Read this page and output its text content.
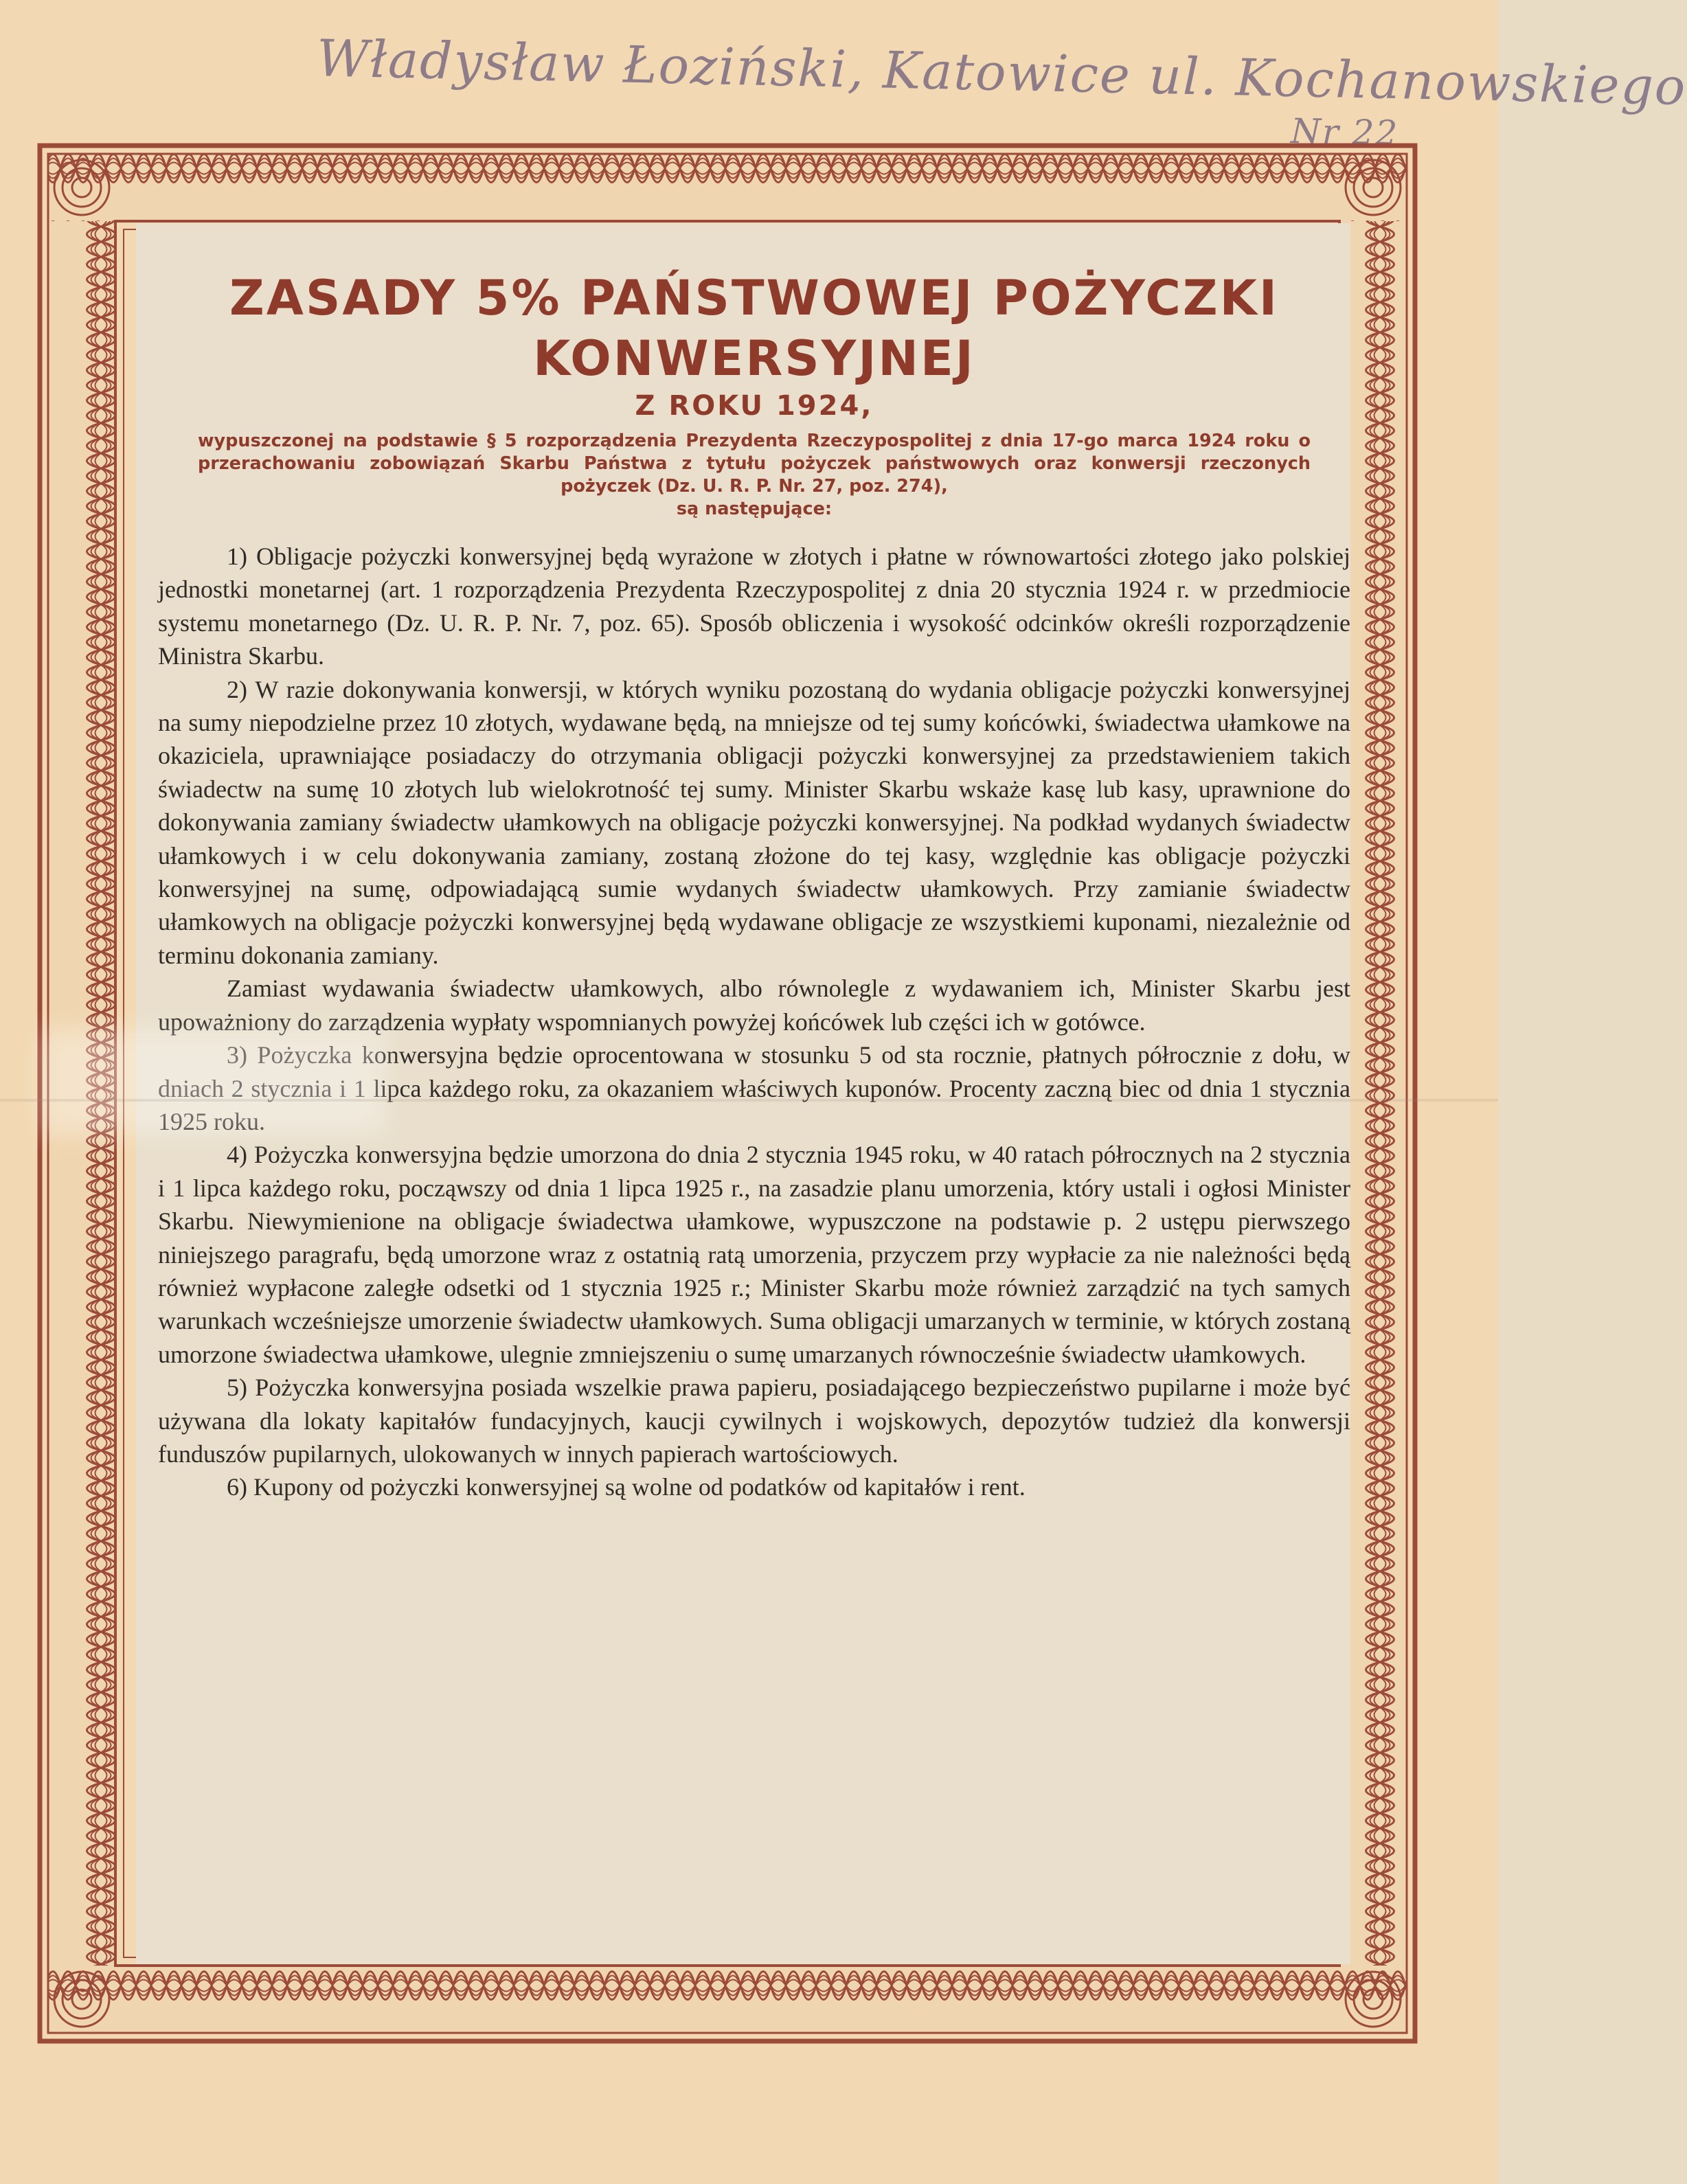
Władysław Łoziński, Katowice ul. Kochanowskiego
Nr 22
ZASADY 5% PAŃSTWOWEJ POŻYCZKI KONWERSYJNEJ
Z ROKU 1924,

wypuszczonej na podstawie § 5 rozporządzenia Prezydenta Rzeczypospolitej z dnia 17-go marca 1924 roku o przerachowaniu zobowiązań Skarbu Państwa z tytułu pożyczek państwowych oraz konwersji rzeczonych pożyczek (Dz. U. R. P. Nr. 27, poz. 274),

są następujące:

1) Obligacje pożyczki konwersyjnej będą wyrażone w złotych i płatne w równowartości złotego jako polskiej jednostki monetarnej (art. 1 rozporządzenia Prezydenta Rzeczypospolitej z dnia 20 stycznia 1924 r. w przedmiocie systemu monetarnego (Dz. U. R. P. Nr. 7, poz. 65). Sposób obliczenia i wysokość odcinków określi rozporządzenie Ministra Skarbu.

2) W razie dokonywania konwersji, w których wyniku pozostaną do wydania obligacje pożyczki konwersyjnej na sumy niepodzielne przez 10 złotych, wydawane będą, na mniejsze od tej sumy końcówki, świadectwa ułamkowe na okaziciela, uprawniające posiadaczy do otrzymania obligacji pożyczki konwersyjnej za przedstawieniem takich świadectw na sumę 10 złotych lub wielokrotność tej sumy. Minister Skarbu wskaże kasę lub kasy, uprawnione do dokonywania zamiany świadectw ułamkowych na obligacje pożyczki konwersyjnej. Na podkład wydanych świadectw ułamkowych i w celu dokonywania zamiany, zostaną złożone do tej kasy, względnie kas obligacje pożyczki konwersyjnej na sumę, odpowiadającą sumie wydanych świadectw ułamkowych. Przy zamianie świadectw ułamkowych na obligacje pożyczki konwersyjnej będą wydawane obligacje ze wszystkiemi kuponami, niezależnie od terminu dokonania zamiany.

Zamiast wydawania świadectw ułamkowych, albo równolegle z wydawaniem ich, Minister Skarbu jest upoważniony do zarządzenia wypłaty wspomnianych powyżej końcówek lub części ich w gotówce.

3) Pożyczka konwersyjna będzie oprocentowana w stosunku 5 od sta rocznie, płatnych półrocznie z dołu, w dniach 2 stycznia i 1 lipca każdego roku, za okazaniem właściwych kuponów. Procenty zaczną biec od dnia 1 stycznia 1925 roku.

4) Pożyczka konwersyjna będzie umorzona do dnia 2 stycznia 1945 roku, w 40 ratach półrocznych na 2 stycznia i 1 lipca każdego roku, począwszy od dnia 1 lipca 1925 r., na zasadzie planu umorzenia, który ustali i ogłosi Minister Skarbu. Niewymienione na obligacje świadectwa ułamkowe, wypuszczone na podstawie p. 2 ustępu pierwszego niniejszego paragrafu, będą umorzone wraz z ostatnią ratą umorzenia, przyczem przy wypłacie za nie należności będą również wypłacone zaległe odsetki od 1 stycznia 1925 r.; Minister Skarbu może również zarządzić na tych samych warunkach wcześniejsze umorzenie świadectw ułamkowych. Suma obligacji umarzanych w terminie, w których zostaną umorzone świadectwa ułamkowe, ulegnie zmniejszeniu o sumę umarzanych równocześnie świadectw ułamkowych.

5) Pożyczka konwersyjna posiada wszelkie prawa papieru, posiadającego bezpieczeństwo pupilarne i może być używana dla lokaty kapitałów fundacyjnych, kaucji cywilnych i wojskowych, depozytów tudzież dla konwersji funduszów pupilarnych, ulokowanych w innych papierach wartościowych.

6) Kupony od pożyczki konwersyjnej są wolne od podatków od kapitałów i rent.
